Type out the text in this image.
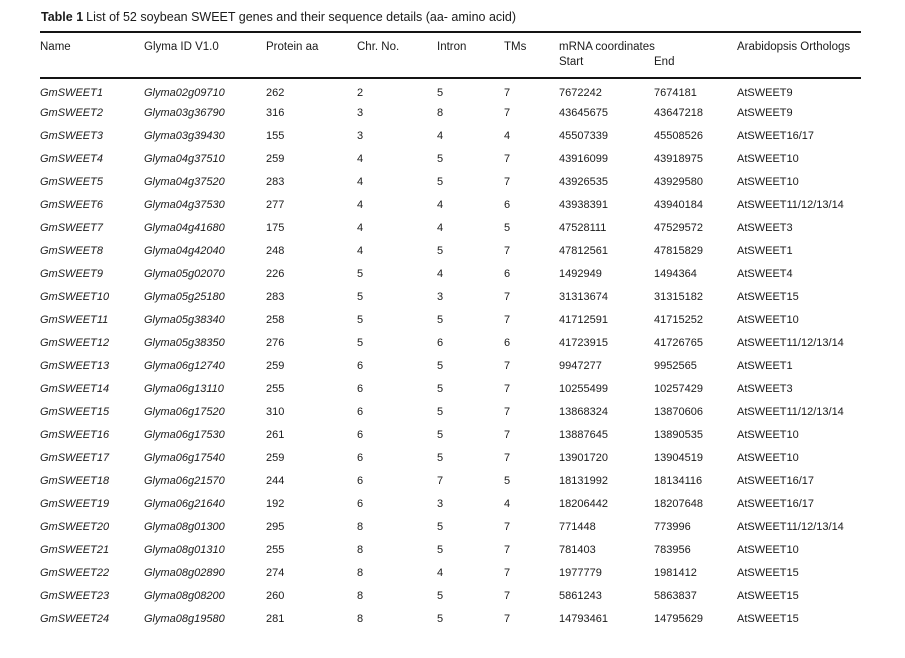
Table 1 List of 52 soybean SWEET genes and their sequence details (aa- amino acid)
Name	Glyma ID V1.0	Protein aa	Chr. No.	Intron	TMs	mRNA coordinates		Arabidopsis Orthologs
						Start	End	
GmSWEET1	Glyma02g09710	262	2	5	7	7672242	7674181	AtSWEET9
GmSWEET2	Glyma03g36790	316	3	8	7	43645675	43647218	AtSWEET9
GmSWEET3	Glyma03g39430	155	3	4	4	45507339	45508526	AtSWEET16/17
GmSWEET4	Glyma04g37510	259	4	5	7	43916099	43918975	AtSWEET10
GmSWEET5	Glyma04g37520	283	4	5	7	43926535	43929580	AtSWEET10
GmSWEET6	Glyma04g37530	277	4	4	6	43938391	43940184	AtSWEET11/12/13/14
GmSWEET7	Glyma04g41680	175	4	4	5	47528111	47529572	AtSWEET3
GmSWEET8	Glyma04g42040	248	4	5	7	47812561	47815829	AtSWEET1
GmSWEET9	Glyma05g02070	226	5	4	6	1492949	1494364	AtSWEET4
GmSWEET10	Glyma05g25180	283	5	3	7	31313674	31315182	AtSWEET15
GmSWEET11	Glyma05g38340	258	5	5	7	41712591	41715252	AtSWEET10
GmSWEET12	Glyma05g38350	276	5	6	6	41723915	41726765	AtSWEET11/12/13/14
GmSWEET13	Glyma06g12740	259	6	5	7	9947277	9952565	AtSWEET1
GmSWEET14	Glyma06g13110	255	6	5	7	10255499	10257429	AtSWEET3
GmSWEET15	Glyma06g17520	310	6	5	7	13868324	13870606	AtSWEET11/12/13/14
GmSWEET16	Glyma06g17530	261	6	5	7	13887645	13890535	AtSWEET10
GmSWEET17	Glyma06g17540	259	6	5	7	13901720	13904519	AtSWEET10
GmSWEET18	Glyma06g21570	244	6	7	5	18131992	18134116	AtSWEET16/17
GmSWEET19	Glyma06g21640	192	6	3	4	18206442	18207648	AtSWEET16/17
GmSWEET20	Glyma08g01300	295	8	5	7	771448	773996	AtSWEET11/12/13/14
GmSWEET21	Glyma08g01310	255	8	5	7	781403	783956	AtSWEET10
GmSWEET22	Glyma08g02890	274	8	4	7	1977779	1981412	AtSWEET15
GmSWEET23	Glyma08g08200	260	8	5	7	5861243	5863837	AtSWEET15
GmSWEET24	Glyma08g19580	281	8	5	7	14793461	14795629	AtSWEET15
